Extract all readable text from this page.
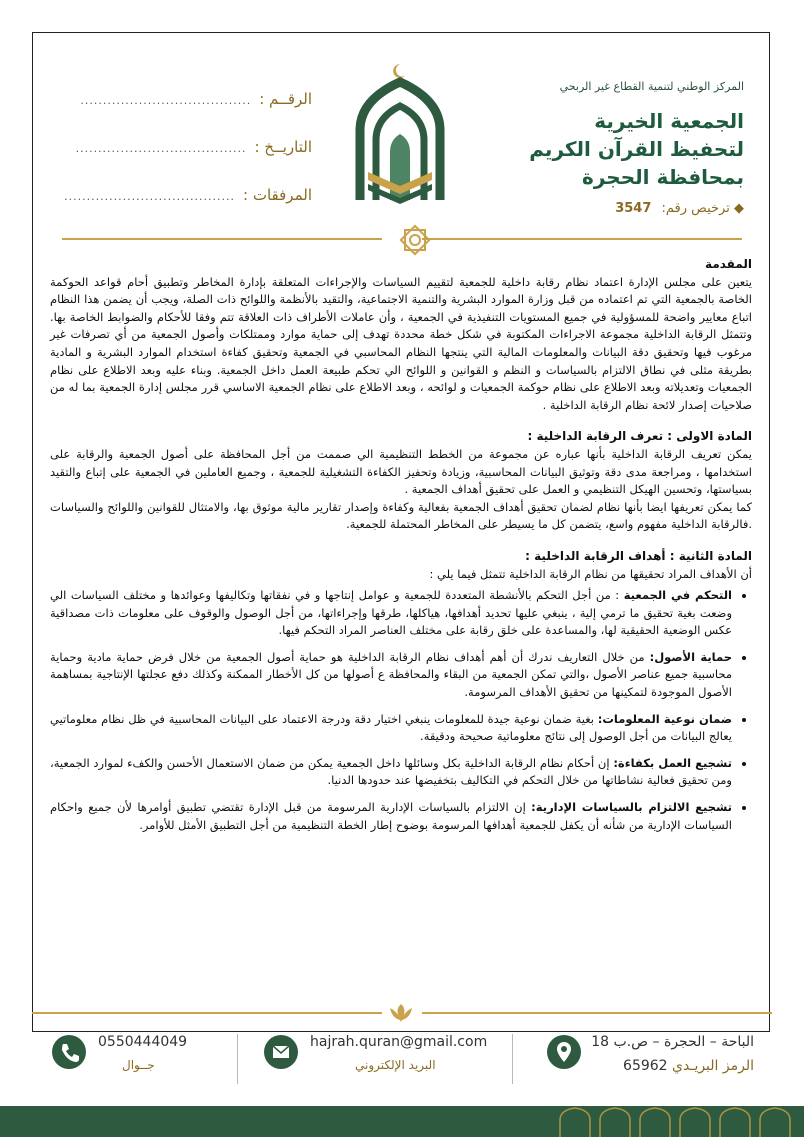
المركز الوطني لتنمية القطاع غير الربحي
الجمعية الخيرية
لتحفيظ القرآن الكريم
بمحافظة الحجرة
◆ ترخيص رقم: 3547
الرقــم :
......................................
التاريــخ :
......................................
المرفقات :
......................................

المقدمة

يتعين على مجلس الإدارة اعتماد نظام رقابة داخلية للجمعية لتقييم السياسات والإجراءات المتعلقة بإدارة المخاطر وتطبيق أحام قواعد الحوكمة الخاصة بالجمعية التي تم اعتماده من قبل وزارة الموارد البشرية والتنمية الاجتماعية، والتقيد بالأنظمة واللوائح ذات الصلة، ويجب أن يضمن هذا النظام اتباع معايير واضحة للمسؤولية في جميع المستويات التنفيذية في الجمعية ، وأن عاملات الأطراف ذات العلاقة تتم وفقا للأحكام والضوابط الخاصة بها. وتتمثل الرقابة الداخلية مجموعة الاجراءات المكتوبة في شكل خطة محددة تهدف إلى حماية موارد وممتلكات وأصول الجمعية من أي تصرفات غير مرغوب فيها وتحقيق دقة البيانات والمعلومات المالية التي ينتجها النظام المحاسبي في الجمعية وتحقيق كفاءة استخدام الموارد البشرية و المادية بطريقة مثلى في نطاق الالتزام بالسياسات و النظم و القوانين و اللوائح الي تحكم طبيعة العمل داخل الجمعية. وبناء عليه وبعد الاطلاع على نظام الجمعيات وتعديلاته وبعد الاطلاع على نظام حوكمة الجمعيات و لوائحه ، وبعد الاطلاع على نظام الجمعية الاساسي قرر مجلس إدارة الجمعية بما له من صلاحيات إصدار لائحة نظام الرقابة الداخلية .

المادة الاولى : تعرف الرقابة الداخلية :

يمكن تعريف الرقابة الداخلية بأنها عباره عن مجموعة من الخطط التنظيمية الي صممت من أجل المحافظة على أصول الجمعية والرقابة على استخدامها ، ومراجعة مدى دقة وتوثيق البيانات المحاسبية، وزيادة وتحفيز الكفاءة التشغيلية للجمعية ، وجميع العاملين في الجمعية على إتباع والتقيد بسياستها، وتحسين الهيكل التنظيمي و العمل على تحقيق أهداف الجمعية .

كما يمكن تعريفها ايضا بأنها نظام لضمان تحقيق أهداف الجمعية بفعالية وكفاءة وإصدار تقارير مالية موثوق بها، والامتثال للقوانين واللوائح والسياسات .فالرقابة الداخلية مفهوم واسع، يتضمن كل ما يسيطر على المخاطر المحتملة للجمعية.

المادة الثانية : أهداف الرقابة الداخلية :

أن الأهداف المراد تحقيقها من نظام الرقابة الداخلية تتمثل فيما يلي :

• التحكم في الجمعية : من أجل التحكم بالأنشطة المتعددة للجمعية و عوامل إنتاجها و في نفقاتها وتكاليفها وعوائدها و مختلف السياسات الي وضعت بغية تحقيق ما ترمي إلية ، ينبغي عليها تحديد أهدافها، هياكلها، طرقها وإجراءاتها، من أجل الوصول والوقوف على معلومات ذات مصداقية عكس الوضعية الحقيقية لها، والمساعدة على خلق رقابة على مختلف العناصر المراد التحكم فيها.
• حماية الأصول: من خلال التعاريف ندرك أن أهم أهداف نظام الرقابة الداخلية هو حماية أصول الجمعية من خلال فرض حماية مادية وحماية محاسبية جميع عناصر الأصول ،والتي تمكن الجمعية من البقاء والمحافظة ع أصولها من كل الأخطار الممكنة وكذلك دفع عجلتها الإنتاجية بمساهمة الأصول الموجودة لتمكينها من تحقيق الأهداف المرسومة.
• ضمان نوعية المعلومات: بغية ضمان نوعية جيدة للمعلومات ينبغي اختيار دقة ودرجة الاعتماد على البيانات المحاسبية في ظل نظام معلوماتيي يعالج البيانات من أجل الوصول إلى نتائج معلوماتية صحيحة ودقيقة.
• تشجيع العمل بكفاءة: إن أحكام نظام الرقابة الداخلية بكل وسائلها داخل الجمعية يمكن من ضمان الاستعمال الأحسن والكفء لموارد الجمعية، ومن تحقيق فعالية نشاطاتها من خلال التحكم في التكاليف بتخفيضها عند حدودها الدنيا.
• تشجيع الالتزام بالسياسات الإدارية: إن الالتزام بالسياسات الإدارية المرسومة من قبل الإدارة تقتضي تطبيق أوامرها لأن جميع واحكام السياسات الإدارية من شأنه أن يكفل للجمعية أهدافها المرسومة بوضوح إطار الخطة التنظيمية من أجل التطبيق الأمثل للأوامر.
الباحة – الحجرة – ص.ب 18
الرمز البريـدي 65962
hajrah.quran@gmail.com
البريد الإلكتروني
0550444049
جــوال
